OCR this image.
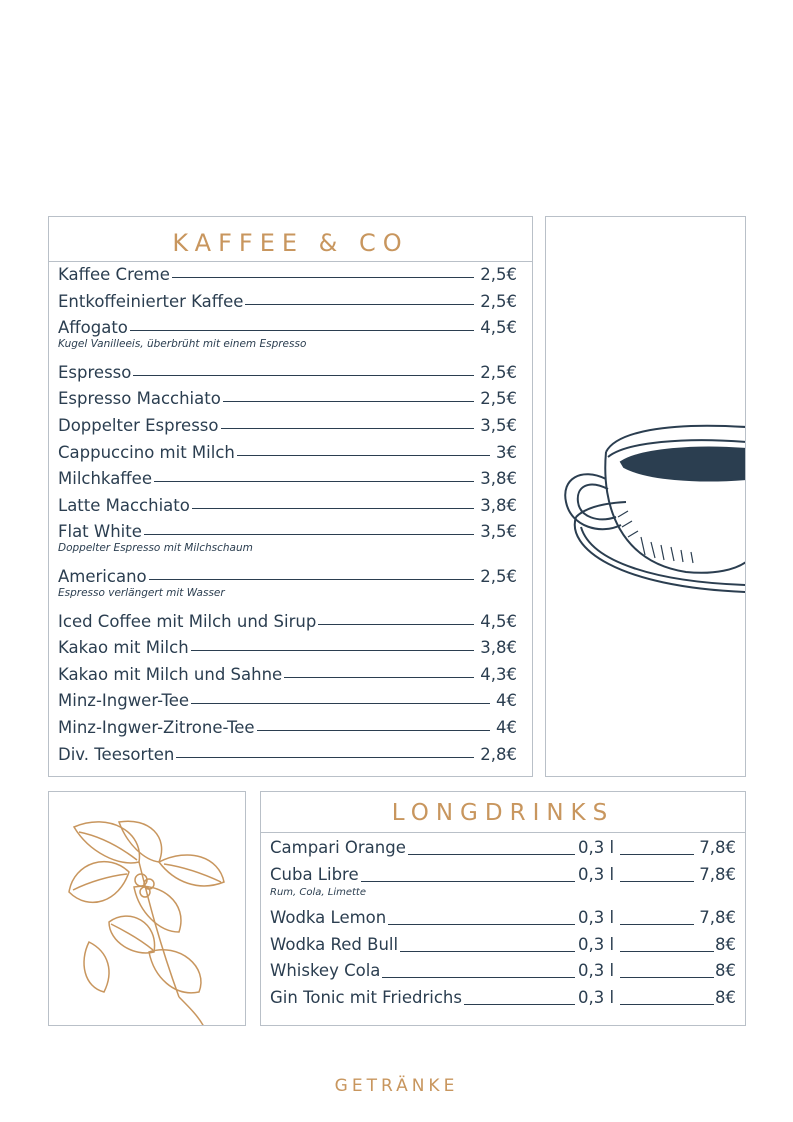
KAFFEE & CO
Kaffee Creme	2,5€
Entkoffeinierter Kaffee	2,5€
Affogato	4,5€
Kugel Vanilleeis, überbrüht mit einem Espresso
Espresso	2,5€
Espresso Macchiato	2,5€
Doppelter Espresso	3,5€
Cappuccino mit Milch	3€
Milchkaffee	3,8€
Latte Macchiato	3,8€
Flat White	3,5€
Doppelter Espresso mit Milchschaum
Americano	2,5€
Espresso verlängert mit Wasser
Iced Coffee mit Milch und Sirup	4,5€
Kakao mit Milch	3,8€
Kakao mit Milch und Sahne	4,3€
Minz-Ingwer-Tee	4€
Minz-Ingwer-Zitrone-Tee	4€
Div. Teesorten	2,8€
LONGDRINKS
Campari Orange	0,3 l	7,8€
Cuba Libre	0,3 l	7,8€
Rum, Cola, Limette
Wodka Lemon	0,3 l	7,8€
Wodka Red Bull	0,3 l	8€
Whiskey Cola	0,3 l	8€
Gin Tonic mit Friedrichs	0,3 l	8€
GETRÄNKE
